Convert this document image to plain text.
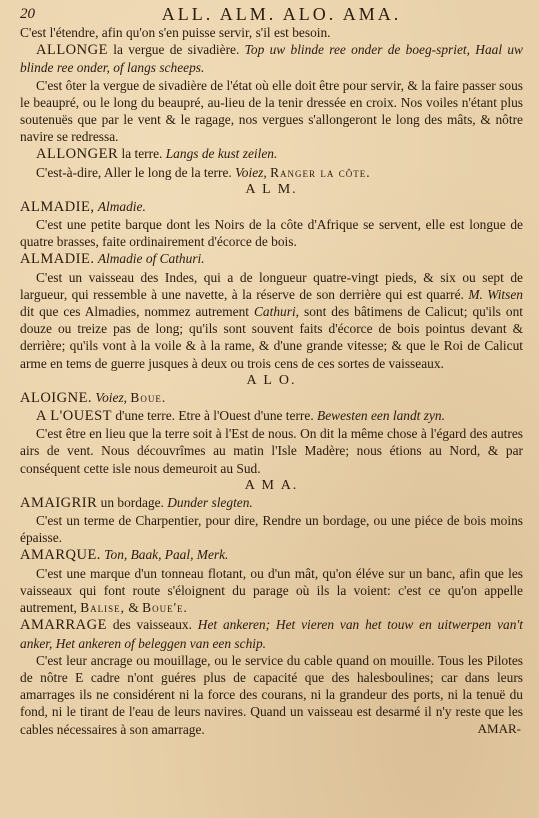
20	ALL. ALM. ALO. AMA.

C'est l'étendre, afin qu'on s'en puisse servir, s'il est besoin.

ALLONGE la vergue de sivadière. Top uw blinde ree onder de boeg-spriet, Haal uw blinde ree onder, of langs scheeps.

C'est ôter la vergue de sivadière de l'état où elle doit être pour servir, & la faire passer sous le beaupré, ou le long du beaupré, au-lieu de la tenir dressée en croix. Nos voiles n'étant plus soutenuës que par le vent & le ragage, nos vergues s'allongeront le long des mâts, & nôtre navire se redressa.

ALLONGER la terre. Langs de kust zeilen.

C'est-à-dire, Aller le long de la terre. Voiez, Ranger la côte.

A L M.

ALMADIE, Almadie.

C'est une petite barque dont les Noirs de la côte d'Afrique se servent, elle est longue de quatre brasses, faite ordinairement d'écorce de bois.

ALMADIE. Almadie of Cathuri.

C'est un vaisseau des Indes, qui a de longueur quatre-vingt pieds, & six ou sept de largueur, qui ressemble à une navette, à la réserve de son derrière qui est quarré. M. Witsen dit que ces Almadies, nommez autrement Cathuri, sont des bâtimens de Calicut; qu'ils ont douze ou treize pas de long; qu'ils sont souvent faits d'écorce de bois pointus devant & derrière; qu'ils vont à la voile & à la rame, & d'une grande vitesse; & que le Roi de Calicut arme en tems de guerre jusques à deux ou trois cens de ces sortes de vaisseaux.

A L O.

ALOIGNE. Voiez, Boue.

A L'OUEST d'une terre. Etre à l'Ouest d'une terre. Bewesten een landt zyn.

C'est être en lieu que la terre soit à l'Est de nous. On dit la même chose à l'égard des autres airs de vent. Nous découvrîmes au matin l'Isle Madère; nous étions au Nord, & par conséquent cette isle nous demeuroit au Sud.

A M A.

AMAIGRIR un bordage. Dunder slegten.

C'est un terme de Charpentier, pour dire, Rendre un bordage, ou une piéce de bois moins épaisse.

AMARQUE. Ton, Baak, Paal, Merk.

C'est une marque d'un tonneau flotant, ou d'un mât, qu'on éléve sur un banc, afin que les vaisseaux qui font route s'éloignent du parage où ils la voient: c'est ce qu'on appelle autrement, Balise, & Boue'e.

AMARRAGE des vaisseaux. Het ankeren; Het vieren van het touw en uitwerpen van't anker, Het ankeren of beleggen van een schip.

C'est leur ancrage ou mouillage, ou le service du cable quand on mouille. Tous les Pilotes de nôtre E cadre n'ont guéres plus de capacité que des halesboulines; car dans leurs amarrages ils ne considérent ni la force des courans, ni la grandeur des ports, ni la tenuë du fond, ni le tirant de l'eau de leurs navires. Quand un vaisseau est desarmé il n'y reste que les cables nécessaires à son amarrage.	AMAR-
